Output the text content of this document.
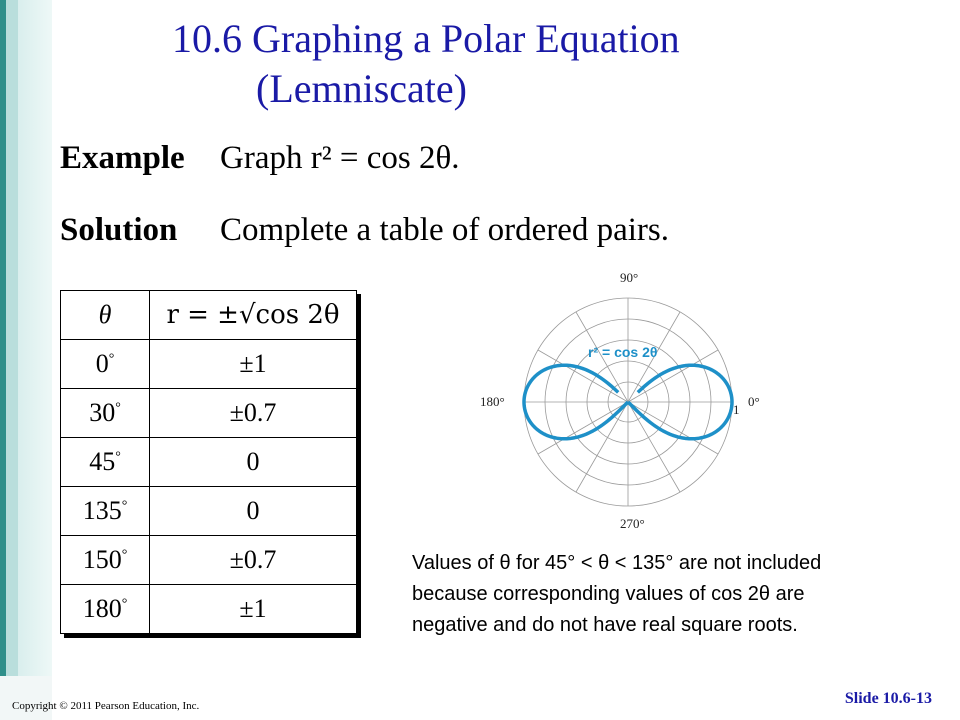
10.6 Graphing a Polar Equation
(Lemniscate)
Example Graph r² = cos 2θ.
Solution Complete a table of ordered pairs.
θ	r = ±√cos 2θ
0°	±1
30°	±0.7
45°	0
135°	0
150°	±0.7
180°	±1
90°
270°
180°	0°
1
r² = cos 2θ
Values of θ for 45° < θ < 135° are not included because corresponding values of cos 2θ are negative and do not have real square roots.
Copyright © 2011 Pearson Education, Inc.	Slide 10.6-13
